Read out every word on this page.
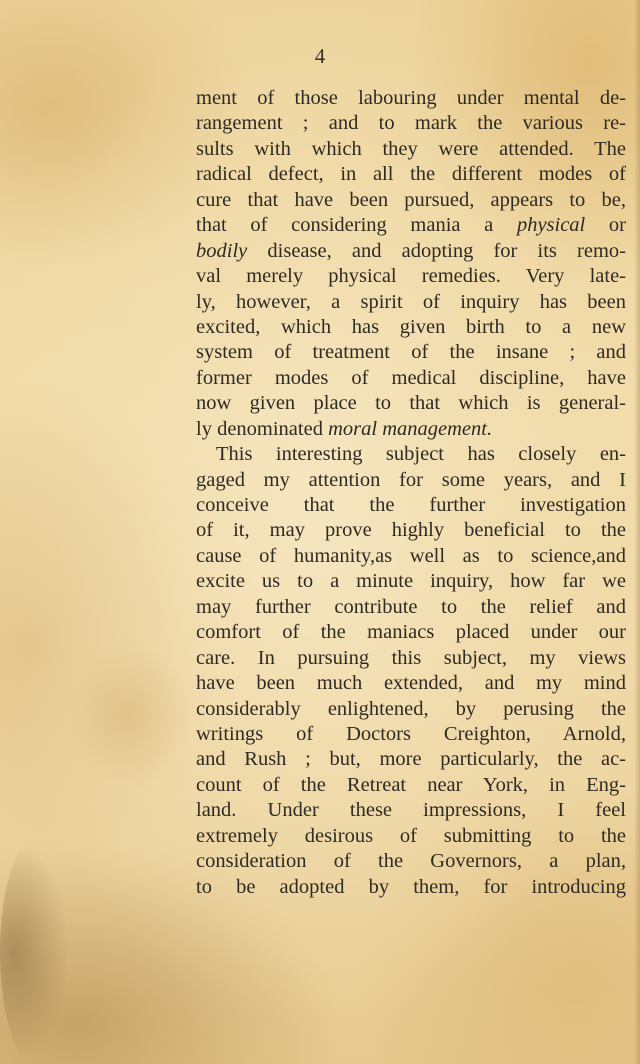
4
ment of those labouring under mental de-
rangement ; and to mark the various re-
sults with which they were attended. The
radical defect, in all the different modes of
cure that have been pursued, appears to be,
that of considering mania a physical or
bodily disease, and adopting for its remo-
val merely physical remedies. Very late-
ly, however, a spirit of inquiry has been
excited, which has given birth to a new
system of treatment of the insane ; and
former modes of medical discipline, have
now given place to that which is general-
ly denominated moral management.
This interesting subject has closely en-
gaged my attention for some years, and I
conceive that the further investigation
of it, may prove highly beneficial to the
cause of humanity,as well as to science,and
excite us to a minute inquiry, how far we
may further contribute to the relief and
comfort of the maniacs placed under our
care. In pursuing this subject, my views
have been much extended, and my mind
considerably enlightened, by perusing the
writings of Doctors Creighton, Arnold,
and Rush ; but, more particularly, the ac-
count of the Retreat near York, in Eng-
land. Under these impressions, I feel
extremely desirous of submitting to the
consideration of the Governors, a plan,
to be adopted by them, for introducing
